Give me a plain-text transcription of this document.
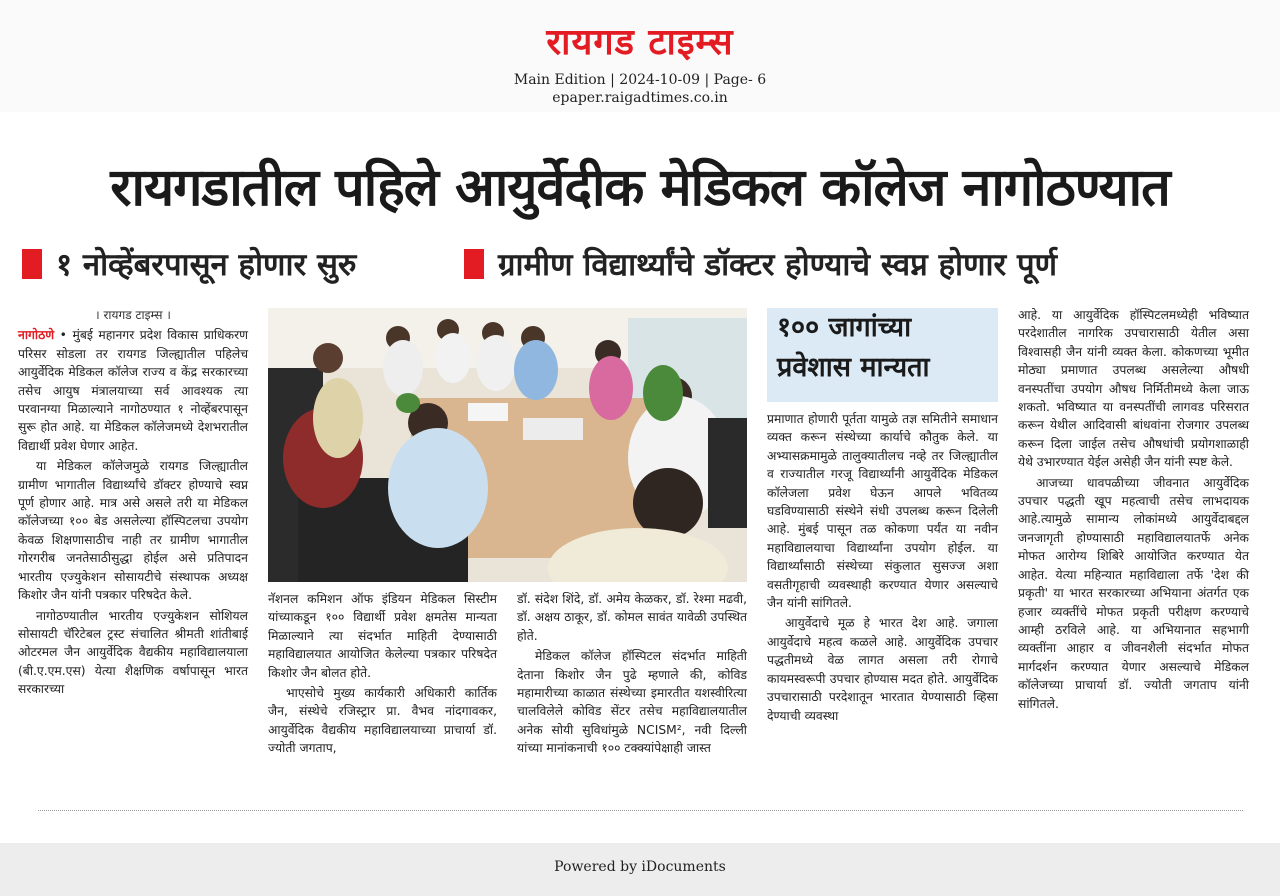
रायगड टाइम्स
Main Edition | 2024-10-09 | Page- 6
epaper.raigadtimes.co.in
रायगडातील पहिले आयुर्वेदीक मेडिकल कॉलेज नागोठण्यात
१ नोव्हेंबरपासून होणार सुरु	ग्रामीण विद्यार्थ्यांचे डॉक्टर होण्याचे स्वप्न होणार पूर्ण
। रायगड टाइम्स ।

नागोठणे • मुंबई महानगर प्रदेश विकास प्राधिकरण परिसर सोडला तर रायगड जिल्ह्यातील पहिलेच आयुर्वेदिक मेडिकल कॉलेज राज्य व केंद्र सरकारच्या तसेच आयुष मंत्रालयाच्या सर्व आवश्यक त्या परवानग्या मिळाल्याने नागोठण्यात १ नोव्हेंबरपासून सुरू होत आहे. या मेडिकल कॉलेजमध्ये देशभरातील विद्यार्थी प्रवेश घेणार आहेत.

या मेडिकल कॉलेजमुळे रायगड जिल्ह्यातील ग्रामीण भागातील विद्यार्थ्यांचे डॉक्टर होण्याचे स्वप्न पूर्ण होणार आहे. मात्र असे असले तरी या मेडिकल कॉलेजच्या १०० बेड असलेल्या हॉस्पिटलचा उपयोग केवळ शिक्षणासाठीच नाही तर ग्रामीण भागातील गोरगरीब जनतेसाठीसुद्धा होईल असे प्रतिपादन भारतीय एज्युकेशन सोसायटीचे संस्थापक अध्यक्ष किशोर जैन यांनी पत्रकार परिषदेत केले.

नागोठण्यातील भारतीय एज्युकेशन सोशियल सोसायटी चॅरिटेबल ट्रस्ट संचालित श्रीमती शांतीबाई ओटरमल जैन आयुर्वेदिक वैद्यकीय महाविद्यालयाला (बी.ए.एम.एस) येत्या शैक्षणिक वर्षापासून भारत सरकारच्या

नॅशनल कमिशन ऑफ इंडियन मेडिकल सिस्टीम यांच्याकडून १०० विद्यार्थी प्रवेश क्षमतेस मान्यता मिळाल्याने त्या संदर्भात माहिती देण्यासाठी महाविद्यालयात आयोजित केलेल्या पत्रकार परिषदेत किशोर जैन बोलत होते.

भाएसोचे मुख्य कार्यकारी अधिकारी कार्तिक जैन, संस्थेचे रजिस्ट्रार प्रा. वैभव नांदगावकर, आयुर्वेदिक वैद्यकीय महाविद्यालयाच्या प्राचार्या डॉ. ज्योती जगताप,

डॉ. संदेश शिंदे, डॉ. अमेय केळकर, डॉ. रेश्मा मढवी, डॉ. अक्षय ठाकूर, डॉ. कोमल सावंत यावेळी उपस्थित होते.

मेडिकल कॉलेज हॉस्पिटल संदर्भात माहिती देताना किशोर जैन पुढे म्हणाले की, कोविड महामारीच्या काळात संस्थेच्या इमारतीत यशस्वीरित्या चालविलेले कोविड सेंटर तसेच महाविद्यालयातील अनेक सोयी सुविधांमुळे NCISM², नवी दिल्ली यांच्या मानांकनाची १०० टक्क्यांपेक्षाही जास्त

१०० जागांच्या
प्रवेशास मान्यता

प्रमाणात होणारी पूर्तता यामुळे तज्ञ समितीने समाधान व्यक्त करून संस्थेच्या कार्याचे कौतुक केले. या अभ्यासक्रमामुळे तालुक्यातीलच नव्हे तर जिल्ह्यातील व राज्यातील गरजू विद्यार्थ्यांनी आयुर्वेदिक मेडिकल कॉलेजला प्रवेश घेऊन आपले भवितव्य घडविण्यासाठी संस्थेने संधी उपलब्ध करून दिलेली आहे. मुंबई पासून तळ कोकणा पर्यंत या नवीन महाविद्यालयाचा विद्यार्थ्यांना उपयोग होईल. या विद्यार्थ्यांसाठी संस्थेच्या संकुलात सुसज्ज अशा वसतीगृहाची व्यवस्थाही करण्यात येणार असल्याचे जैन यांनी सांगितले.

आयुर्वेदाचे मूळ हे भारत देश आहे. जगाला आयुर्वेदाचे महत्व कळले आहे. आयुर्वेदिक उपचार पद्धतीमध्ये वेळ लागत असला तरी रोगाचे कायमस्वरूपी उपचार होण्यास मदत होते. आयुर्वेदिक उपचारासाठी परदेशातून भारतात येण्यासाठी व्हिसा देण्याची व्यवस्था

आहे. या आयुर्वेदिक हॉस्पिटलमध्येही भविष्यात परदेशातील नागरिक उपचारासाठी येतील असा विश्वासही जैन यांनी व्यक्त केला. कोकणच्या भूमीत मोठ्या प्रमाणात उपलब्ध असलेल्या औषधी वनस्पतींचा उपयोग औषध निर्मितीमध्ये केला जाऊ शकतो. भविष्यात या वनस्पतींची लागवड परिसरात करून येथील आदिवासी बांधवांना रोजगार उपलब्ध करून दिला जाईल तसेच औषधांची प्रयोगशाळाही येथे उभारण्यात येईल असेही जैन यांनी स्पष्ट केले.

आजच्या धावपळीच्या जीवनात आयुर्वेदिक उपचार पद्धती खूप महत्वाची तसेच लाभदायक आहे.त्यामुळे सामान्य लोकांमध्ये आयुर्वेदाबद्दल जनजागृती होण्यासाठी महाविद्यालयातर्फे अनेक मोफत आरोग्य शिबिरे आयोजित करण्यात येत आहेत. येत्या महिन्यात महाविद्याला तर्फे 'देश की प्रकृती' या भारत सरकारच्या अभियाना अंतर्गत एक हजार व्यक्तींचे मोफत प्रकृती परीक्षण करण्याचे आम्ही ठरविले आहे. या अभियानात सहभागी व्यक्तींना आहार व जीवनशैली संदर्भात मोफत मार्गदर्शन करण्यात येणार असल्याचे मेडिकल कॉलेजच्या प्राचार्या डॉ. ज्योती जगताप यांनी सांगितले.

Powered by iDocuments
